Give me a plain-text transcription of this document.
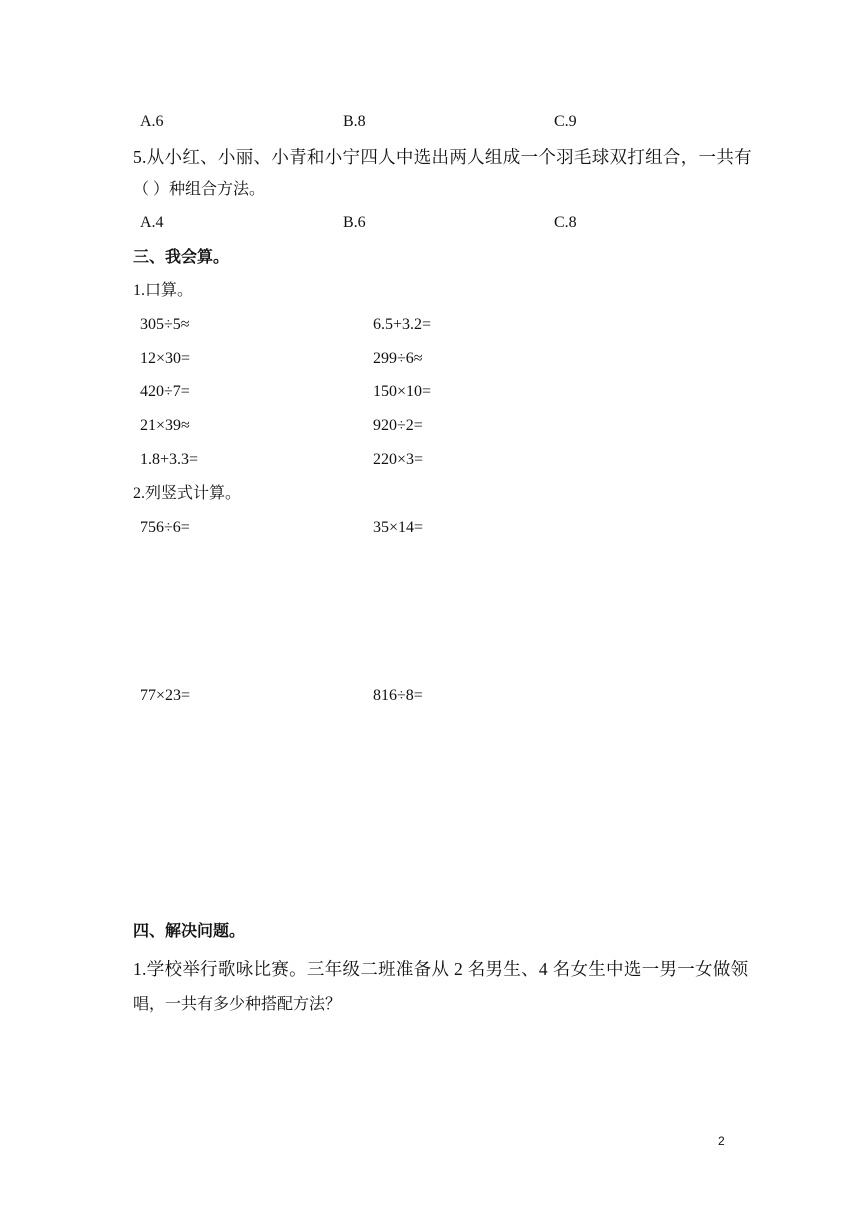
A.6	B.8	C.9
5.从小红、小丽、小青和小宁四人中选出两人组成一个羽毛球双打组合，一共有
（ ）种组合方法。
A.4	B.6	C.8
三、我会算。
1.口算。
305÷5≈	6.5+3.2=
12×30=	299÷6≈
420÷7=	150×10=
21×39≈	920÷2=
1.8+3.3=	220×3=
2.列竖式计算。
756÷6=	35×14=
77×23=	816÷8=
四、解决问题。
1.学校举行歌咏比赛。三年级二班准备从 2 名男生、4 名女生中选一男一女做领
唱，一共有多少种搭配方法？
2
